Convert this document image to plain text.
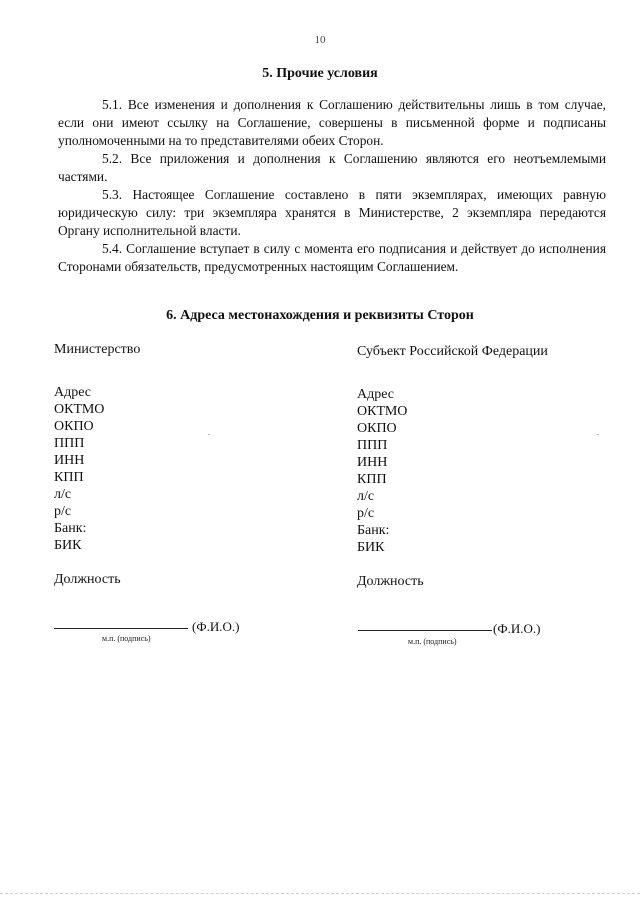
10
5. Прочие условия

5.1. Все изменения и дополнения к Соглашению действительны лишь в том случае, если они имеют ссылку на Соглашение, совершены в письменной форме и подписаны уполномоченными на то представителями обеих Сторон.

5.2. Все приложения и дополнения к Соглашению являются его неотъемлемыми частями.

5.3. Настоящее Соглашение составлено в пяти экземплярах, имеющих равную юридическую силу: три экземпляра хранятся в Министерстве, 2 экземпляра передаются Органу исполнительной власти.

5.4. Соглашение вступает в силу с момента его подписания и действует до исполнения Сторонами обязательств, предусмотренных настоящим Соглашением.

6. Адреса местонахождения и реквизиты Сторон
Министерство
Адрес
ОКТМО
ОКПО
ППП
ИНН
КПП
л/с
р/с
Банк:
БИК
Должность
Субъект Российской Федерации
Адрес
ОКТМО
ОКПО
ППП
ИНН
КПП
л/с
р/с
Банк:
БИК
Должность
(Ф.И.О.)
м.п. (подпись)
(Ф.И.О.)
м.п. (подпись)
